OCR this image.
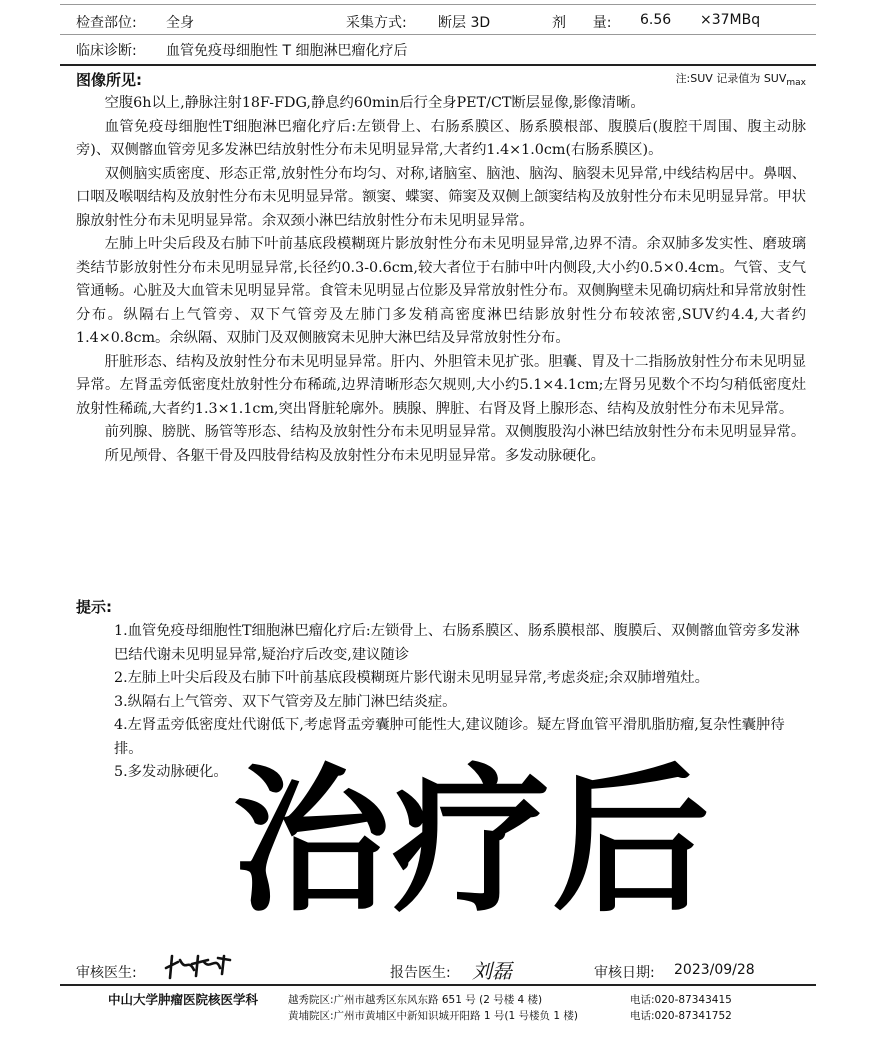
检查部位: 全身	采集方式: 断层 3D	剂      量: 6.56 ×37MBq
临床诊断: 血管免疫母细胞性 T 细胞淋巴瘤化疗后
图像所见:	注:SUV 记录值为 $SUV_{max}$

空腹6h以上,静脉注射18F-FDG,静息约60min后行全身PET/CT断层显像,影像清晰。

血管免疫母细胞性T细胞淋巴瘤化疗后:左锁骨上、右肠系膜区、肠系膜根部、腹膜后(腹腔干周围、腹主动脉旁)、双侧髂血管旁见多发淋巴结放射性分布未见明显异常,大者约1.4×1.0cm(右肠系膜区)。

双侧脑实质密度、形态正常,放射性分布均匀、对称,诸脑室、脑池、脑沟、脑裂未见异常,中线结构居中。鼻咽、口咽及喉咽结构及放射性分布未见明显异常。额窦、蝶窦、筛窦及双侧上颌窦结构及放射性分布未见明显异常。甲状腺放射性分布未见明显异常。余双颈小淋巴结放射性分布未见明显异常。

左肺上叶尖后段及右肺下叶前基底段模糊斑片影放射性分布未见明显异常,边界不清。余双肺多发实性、磨玻璃类结节影放射性分布未见明显异常,长径约0.3-0.6cm,较大者位于右肺中叶内侧段,大小约0.5×0.4cm。气管、支气管通畅。心脏及大血管未见明显异常。食管未见明显占位影及异常放射性分布。双侧胸壁未见确切病灶和异常放射性分布。纵隔右上气管旁、双下气管旁及左肺门多发稍高密度淋巴结影放射性分布较浓密,SUV约4.4,大者约1.4×0.8cm。余纵隔、双肺门及双侧腋窝未见肿大淋巴结及异常放射性分布。

肝脏形态、结构及放射性分布未见明显异常。肝内、外胆管未见扩张。胆囊、胃及十二指肠放射性分布未见明显异常。左肾盂旁低密度灶放射性分布稀疏,边界清晰形态欠规则,大小约5.1×4.1cm;左肾另见数个不均匀稍低密度灶放射性稀疏,大者约1.3×1.1cm,突出肾脏轮廓外。胰腺、脾脏、右肾及肾上腺形态、结构及放射性分布未见异常。

前列腺、膀胱、肠管等形态、结构及放射性分布未见明显异常。双侧腹股沟小淋巴结放射性分布未见明显异常。

所见颅骨、各躯干骨及四肢骨结构及放射性分布未见明显异常。多发动脉硬化。

提示:

1.血管免疫母细胞性T细胞淋巴瘤化疗后:左锁骨上、右肠系膜区、肠系膜根部、腹膜后、双侧髂血管旁多发淋巴结代谢未见明显异常,疑治疗后改变,建议随诊

2.左肺上叶尖后段及右肺下叶前基底段模糊斑片影代谢未见明显异常,考虑炎症;余双肺增殖灶。

3.纵隔右上气管旁、双下气管旁及左肺门淋巴结炎症。

4.左肾盂旁低密度灶代谢低下,考虑肾盂旁囊肿可能性大,建议随诊。疑左肾血管平滑肌脂肪瘤,复杂性囊肿待排。

5.多发动脉硬化。 治疗后
审核医生:	报告医生: 刘磊	审核日期: 2023/09/28
中山大学肿瘤医院核医学科	越秀院区:广州市越秀区东风东路 651 号 (2 号楼 4 楼)
黄埔院区:广州市黄埔区中新知识城开阳路 1 号(1 号楼负 1 楼)
电话:020-87343415
电话:020-87341752
